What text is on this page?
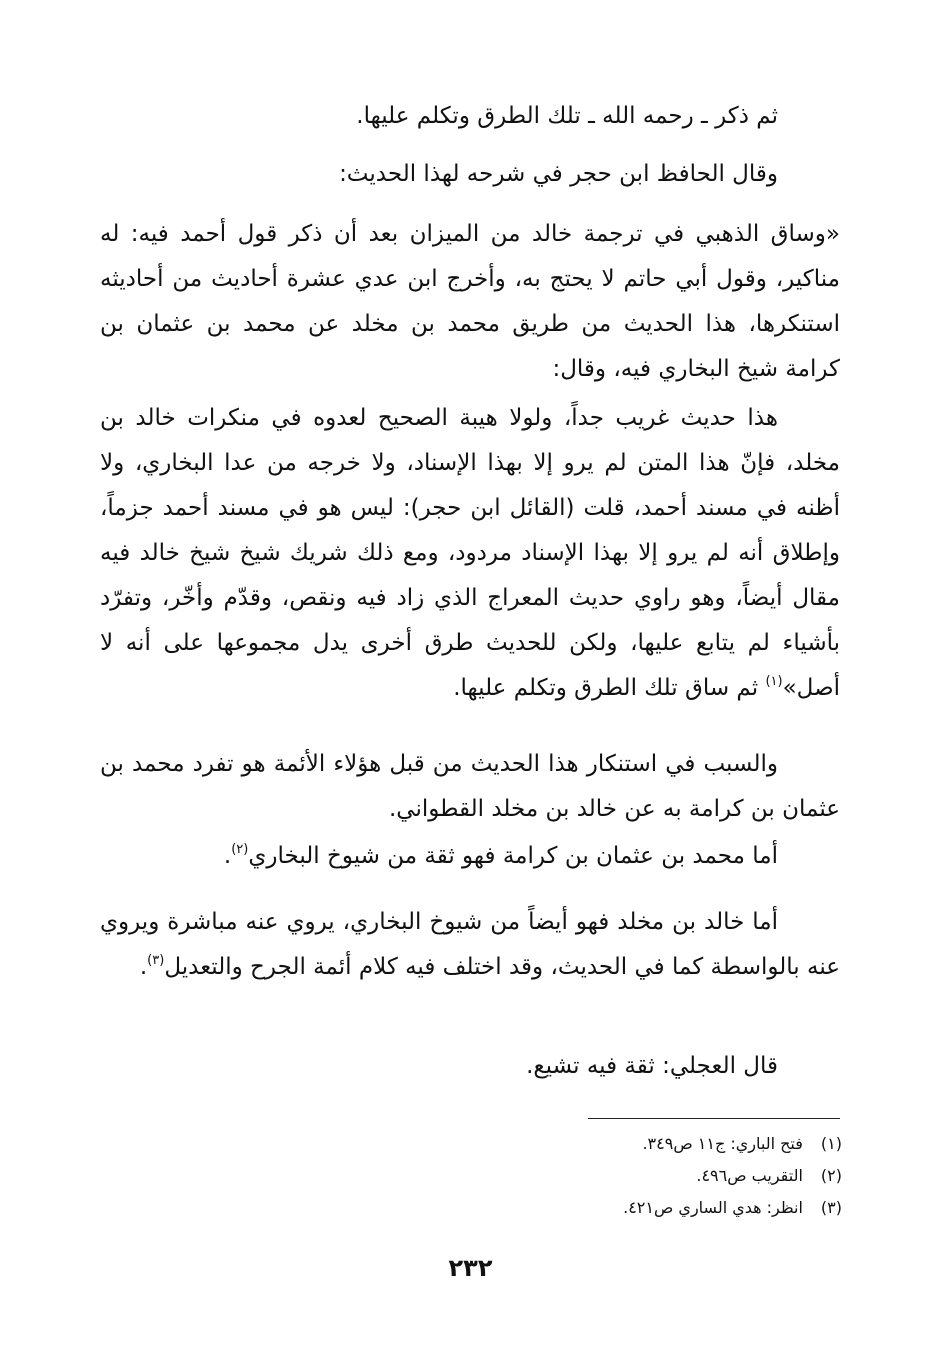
ثم ذكر ـ رحمه الله ـ تلك الطرق وتكلم عليها.
وقال الحافظ ابن حجر في شرحه لهذا الحديث:
«وساق الذهبي في ترجمة خالد من الميزان بعد أن ذكر قول أحمد فيه: له مناكير، وقول أبي حاتم لا يحتج به، وأخرج ابن عدي عشرة أحاديث من أحاديثه استنكرها، هذا الحديث من طريق محمد بن مخلد عن محمد بن عثمان بن كرامة شيخ البخاري فيه، وقال:
هذا حديث غريب جداً، ولولا هيبة الصحيح لعدوه في منكرات خالد بن مخلد، فإنّ هذا المتن لم يرو إلا بهذا الإسناد، ولا خرجه من عدا البخاري، ولا أظنه في مسند أحمد، قلت (القائل ابن حجر): ليس هو في مسند أحمد جزماً، وإطلاق أنه لم يرو إلا بهذا الإسناد مردود، ومع ذلك شريك شيخ شيخ خالد فيه مقال أيضاً، وهو راوي حديث المعراج الذي زاد فيه ونقص، وقدّم وأخّر، وتفرّد بأشياء لم يتابع عليها، ولكن للحديث طرق أخرى يدل مجموعها على أنه لا أصل»$^{(١)}$ ثم ساق تلك الطرق وتكلم عليها.
والسبب في استنكار هذا الحديث من قبل هؤلاء الأئمة هو تفرد محمد بن عثمان بن كرامة به عن خالد بن مخلد القطواني.
أما محمد بن عثمان بن كرامة فهو ثقة من شيوخ البخاري$^{(٢)}$.
أما خالد بن مخلد فهو أيضاً من شيوخ البخاري، يروي عنه مباشرة ويروي عنه بالواسطة كما في الحديث، وقد اختلف فيه كلام أئمة الجرح والتعديل$^{(٣)}$.
قال العجلي: ثقة فيه تشيع.
(١) فتح الباري: ج١١ ص٣٤٩.
(٢) التقريب ص٤٩٦.
(٣) انظر: هدي الساري ص٤٢١.
٢٣٢
